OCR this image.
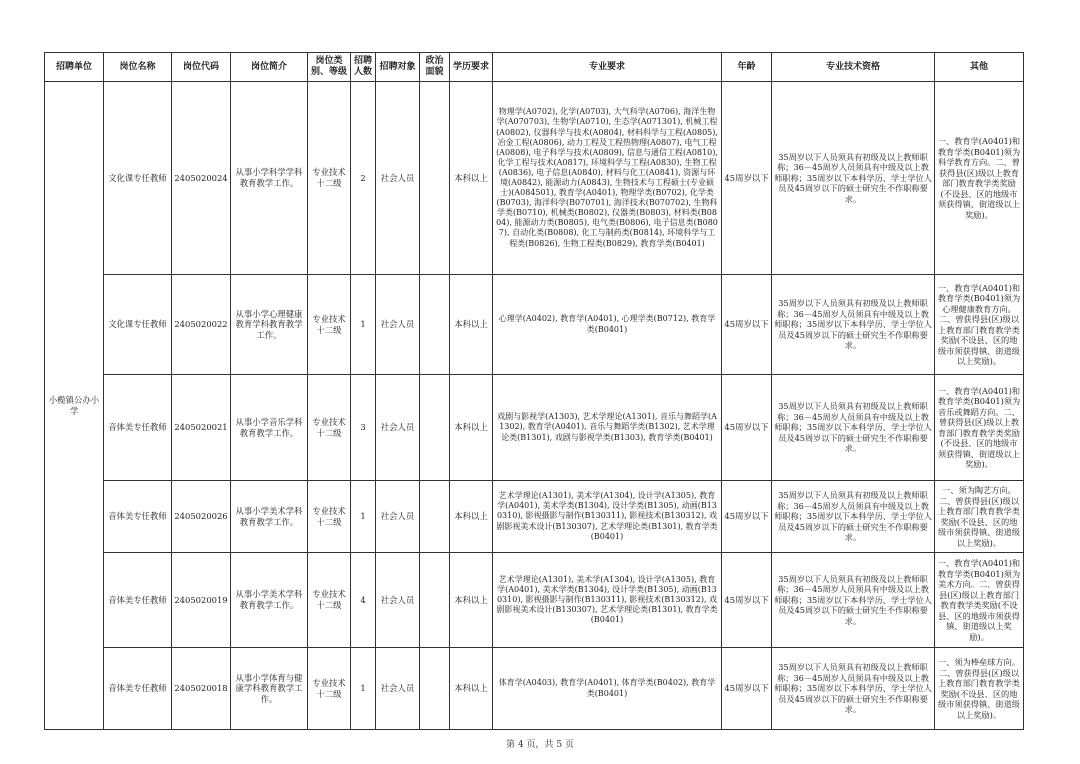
招聘单位	岗位名称	岗位代码	岗位简介	岗位类别、等级	招聘人数	招聘对象	政治面貌	学历要求	专业要求	年龄	专业技术资格	其他
小榄镇公办小学	文化课专任教师	2405020024	从事小学科学学科教育教学工作。	专业技术十二级	2	社会人员		本科以上	物理学(A0702), 化学(A0703), 大气科学(A0706), 海洋生物学(A070703), 生物学(A0710), 生态学(A071301), 机械工程(A0802), 仪器科学与技术(A0804), 材料科学与工程(A0805), 冶金工程(A0806), 动力工程及工程热物理(A0807), 电气工程(A0808), 电子科学与技术(A0809), 信息与通信工程(A0810), 化学工程与技术(A0817), 环境科学与工程(A0830), 生物工程(A0836), 电子信息(A0840), 材料与化工(A0841), 资源与环境(A0842), 能源动力(A0843), 生物技术与工程硕士(专业硕士)(A084501), 教育学(A0401), 物理学类(B0702), 化学类(B0703), 海洋科学(B070701), 海洋技术(B070702), 生物科学类(B0710), 机械类(B0802), 仪器类(B0803), 材料类(B0804), 能源动力类(B0805), 电气类(B0806), 电子信息类(B0807), 自动化类(B0808), 化工与制药类(B0814), 环境科学与工程类(B0826), 生物工程类(B0829), 教育学类(B0401)	45周岁以下	35周岁以下人员须具有初级及以上教师职称；36－45周岁人员须具有中级及以上教师职称；35周岁以下本科学历、学士学位人员及45周岁以下的硕士研究生不作职称要求。	一、教育学(A0401)和教育学类(B0401)须为科学教育方向。二、曾获得县(区)级以上教育部门教育教学类奖励(不设县、区的地级市须获得镇、街道级以上奖励)。
	文化课专任教师	2405020022	从事小学心理健康教育学科教育教学工作。	专业技术十二级	1	社会人员		本科以上	心理学(A0402), 教育学(A0401), 心理学类(B0712), 教育学类(B0401)	45周岁以下	35周岁以下人员须具有初级及以上教师职称；36－45周岁人员须具有中级及以上教师职称；35周岁以下本科学历、学士学位人员及45周岁以下的硕士研究生不作职称要求。	一、教育学(A0401)和教育学类(B0401)须为心理健康教育方向。二、曾获得县(区)级以上教育部门教育教学类奖励(不设县、区的地级市须获得镇、街道级以上奖励)。
	音体美专任教师	2405020021	从事小学音乐学科教育教学工作。	专业技术十二级	3	社会人员		本科以上	戏剧与影视学(A1303), 艺术学理论(A1301), 音乐与舞蹈学(A1302), 教育学(A0401), 音乐与舞蹈学类(B1302), 艺术学理论类(B1301), 戏剧与影视学类(B1303), 教育学类(B0401)	45周岁以下	35周岁以下人员须具有初级及以上教师职称；36－45周岁人员须具有中级及以上教师职称；35周岁以下本科学历、学士学位人员及45周岁以下的硕士研究生不作职称要求。	一、教育学(A0401)和教育学类(B0401)须为音乐或舞蹈方向。二、曾获得县(区)级以上教育部门教育教学类奖励(不设县、区的地级市须获得镇、街道级以上奖励)。
	音体美专任教师	2405020026	从事小学美术学科教育教学工作。	专业技术十二级	1	社会人员		本科以上	艺术学理论(A1301), 美术学(A1304), 设计学(A1305), 教育学(A0401), 美术学类(B1304), 设计学类(B1305), 动画(B130310), 影视摄影与制作(B130311), 影视技术(B130312), 戏剧影视美术设计(B130307), 艺术学理论类(B1301), 教育学类(B0401)	45周岁以下	35周岁以下人员须具有初级及以上教师职称；36－45周岁人员须具有中级及以上教师职称；35周岁以下本科学历、学士学位人员及45周岁以下的硕士研究生不作职称要求。	一、须为陶艺方向。二、曾获得县(区)级以上教育部门教育教学类奖励(不设县、区的地级市须获得镇、街道级以上奖励)。
	音体美专任教师	2405020019	从事小学美术学科教育教学工作。	专业技术十二级	4	社会人员		本科以上	艺术学理论(A1301), 美术学(A1304), 设计学(A1305), 教育学(A0401), 美术学类(B1304), 设计学类(B1305), 动画(B130310), 影视摄影与制作(B130311), 影视技术(B130312), 戏剧影视美术设计(B130307), 艺术学理论类(B1301), 教育学类(B0401)	45周岁以下	35周岁以下人员须具有初级及以上教师职称；36－45周岁人员须具有中级及以上教师职称；35周岁以下本科学历、学士学位人员及45周岁以下的硕士研究生不作职称要求。	一、教育学(A0401)和教育学类(B0401)须为美术方向。二、曾获得县(区)级以上教育部门教育教学类奖励(不设县、区的地级市须获得镇、街道级以上奖励)。
	音体美专任教师	2405020018	从事小学体育与健康学科教育教学工作。	专业技术十二级	1	社会人员		本科以上	体育学(A0403), 教育学(A0401), 体育学类(B0402), 教育学类(B0401)	45周岁以下	35周岁以下人员须具有初级及以上教师职称；36－45周岁人员须具有中级及以上教师职称；35周岁以下本科学历、学士学位人员及45周岁以下的硕士研究生不作职称要求。	一、须为棒垒球方向。二、曾获得县(区)级以上教育部门教育教学类奖励(不设县、区的地级市须获得镇、街道级以上奖励)。
第 4 页，共 5 页
